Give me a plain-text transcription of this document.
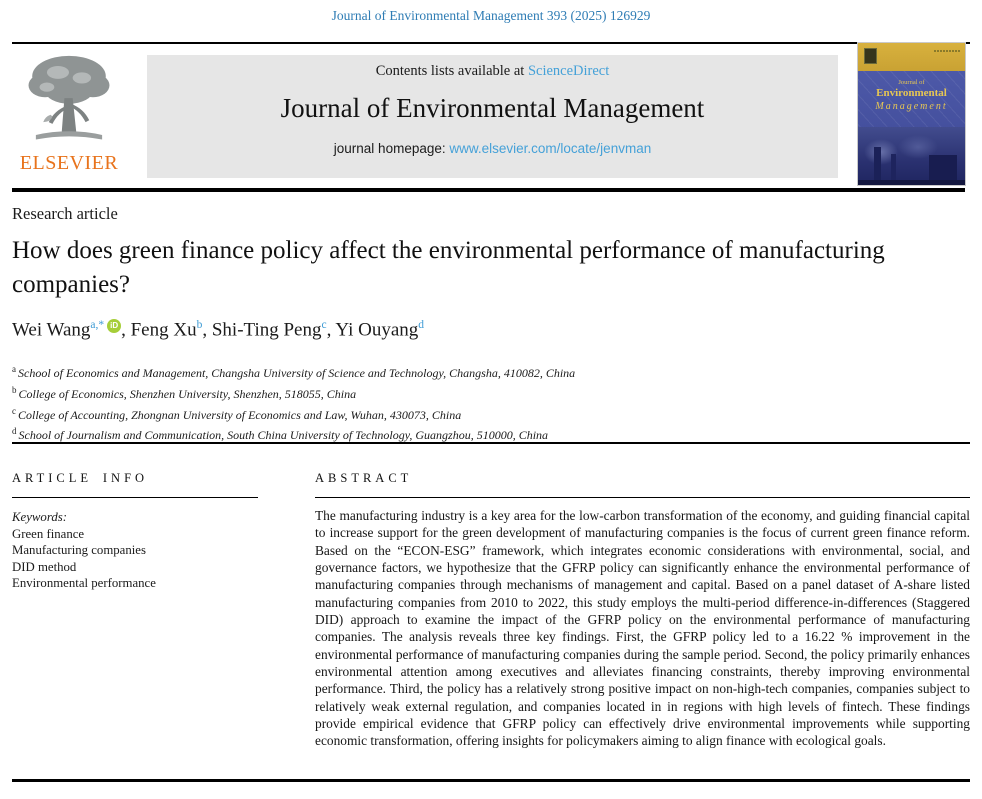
Journal of Environmental Management 393 (2025) 126929
ELSEVIER
Contents lists available at ScienceDirect
Journal of Environmental Management
journal homepage: www.elsevier.com/locate/jenvman
Journal of
Environmental
Management
Research article
How does green finance policy affect the environmental performance of manufacturing companies?
Wei Wang$^{a,*}$ iD , Feng Xu$^b$, Shi-Ting Peng$^c$, Yi Ouyang$^d$
$^a$ School of Economics and Management, Changsha University of Science and Technology, Changsha, 410082, China
$^b$ College of Economics, Shenzhen University, Shenzhen, 518055, China
$^c$ College of Accounting, Zhongnan University of Economics and Law, Wuhan, 430073, China
$^d$ School of Journalism and Communication, South China University of Technology, Guangzhou, 510000, China
ARTICLE INFO
Keywords:
Green finance
Manufacturing companies
DID method
Environmental performance
ABSTRACT
The manufacturing industry is a key area for the low-carbon transformation of the economy, and guiding financial capital to increase support for the green development of manufacturing companies is the focus of current green finance reform. Based on the “ECON-ESG” framework, which integrates economic considerations with environmental, social, and governance factors, we hypothesize that the GFRP policy can significantly enhance the environmental performance of manufacturing companies through mechanisms of management and capital. Based on a panel dataset of A-share listed manufacturing companies from 2010 to 2022, this study employs the multi-period difference-in-differences (Staggered DID) approach to examine the impact of the GFRP policy on the environmental performance of manufacturing companies. The analysis reveals three key findings. First, the GFRP policy led to a 16.22 % improvement in the environmental performance of manufacturing companies during the sample period. Second, the policy primarily enhances environmental attention among executives and alleviates financing constraints, thereby improving environmental performance. Third, the policy has a relatively strong positive impact on non-high-tech companies, companies subject to relatively weak external regulation, and companies located in in regions with high levels of fintech. These findings provide empirical evidence that GFRP policy can effectively drive environmental improvements while supporting economic transformation, offering insights for policymakers aiming to align finance with ecological goals.
